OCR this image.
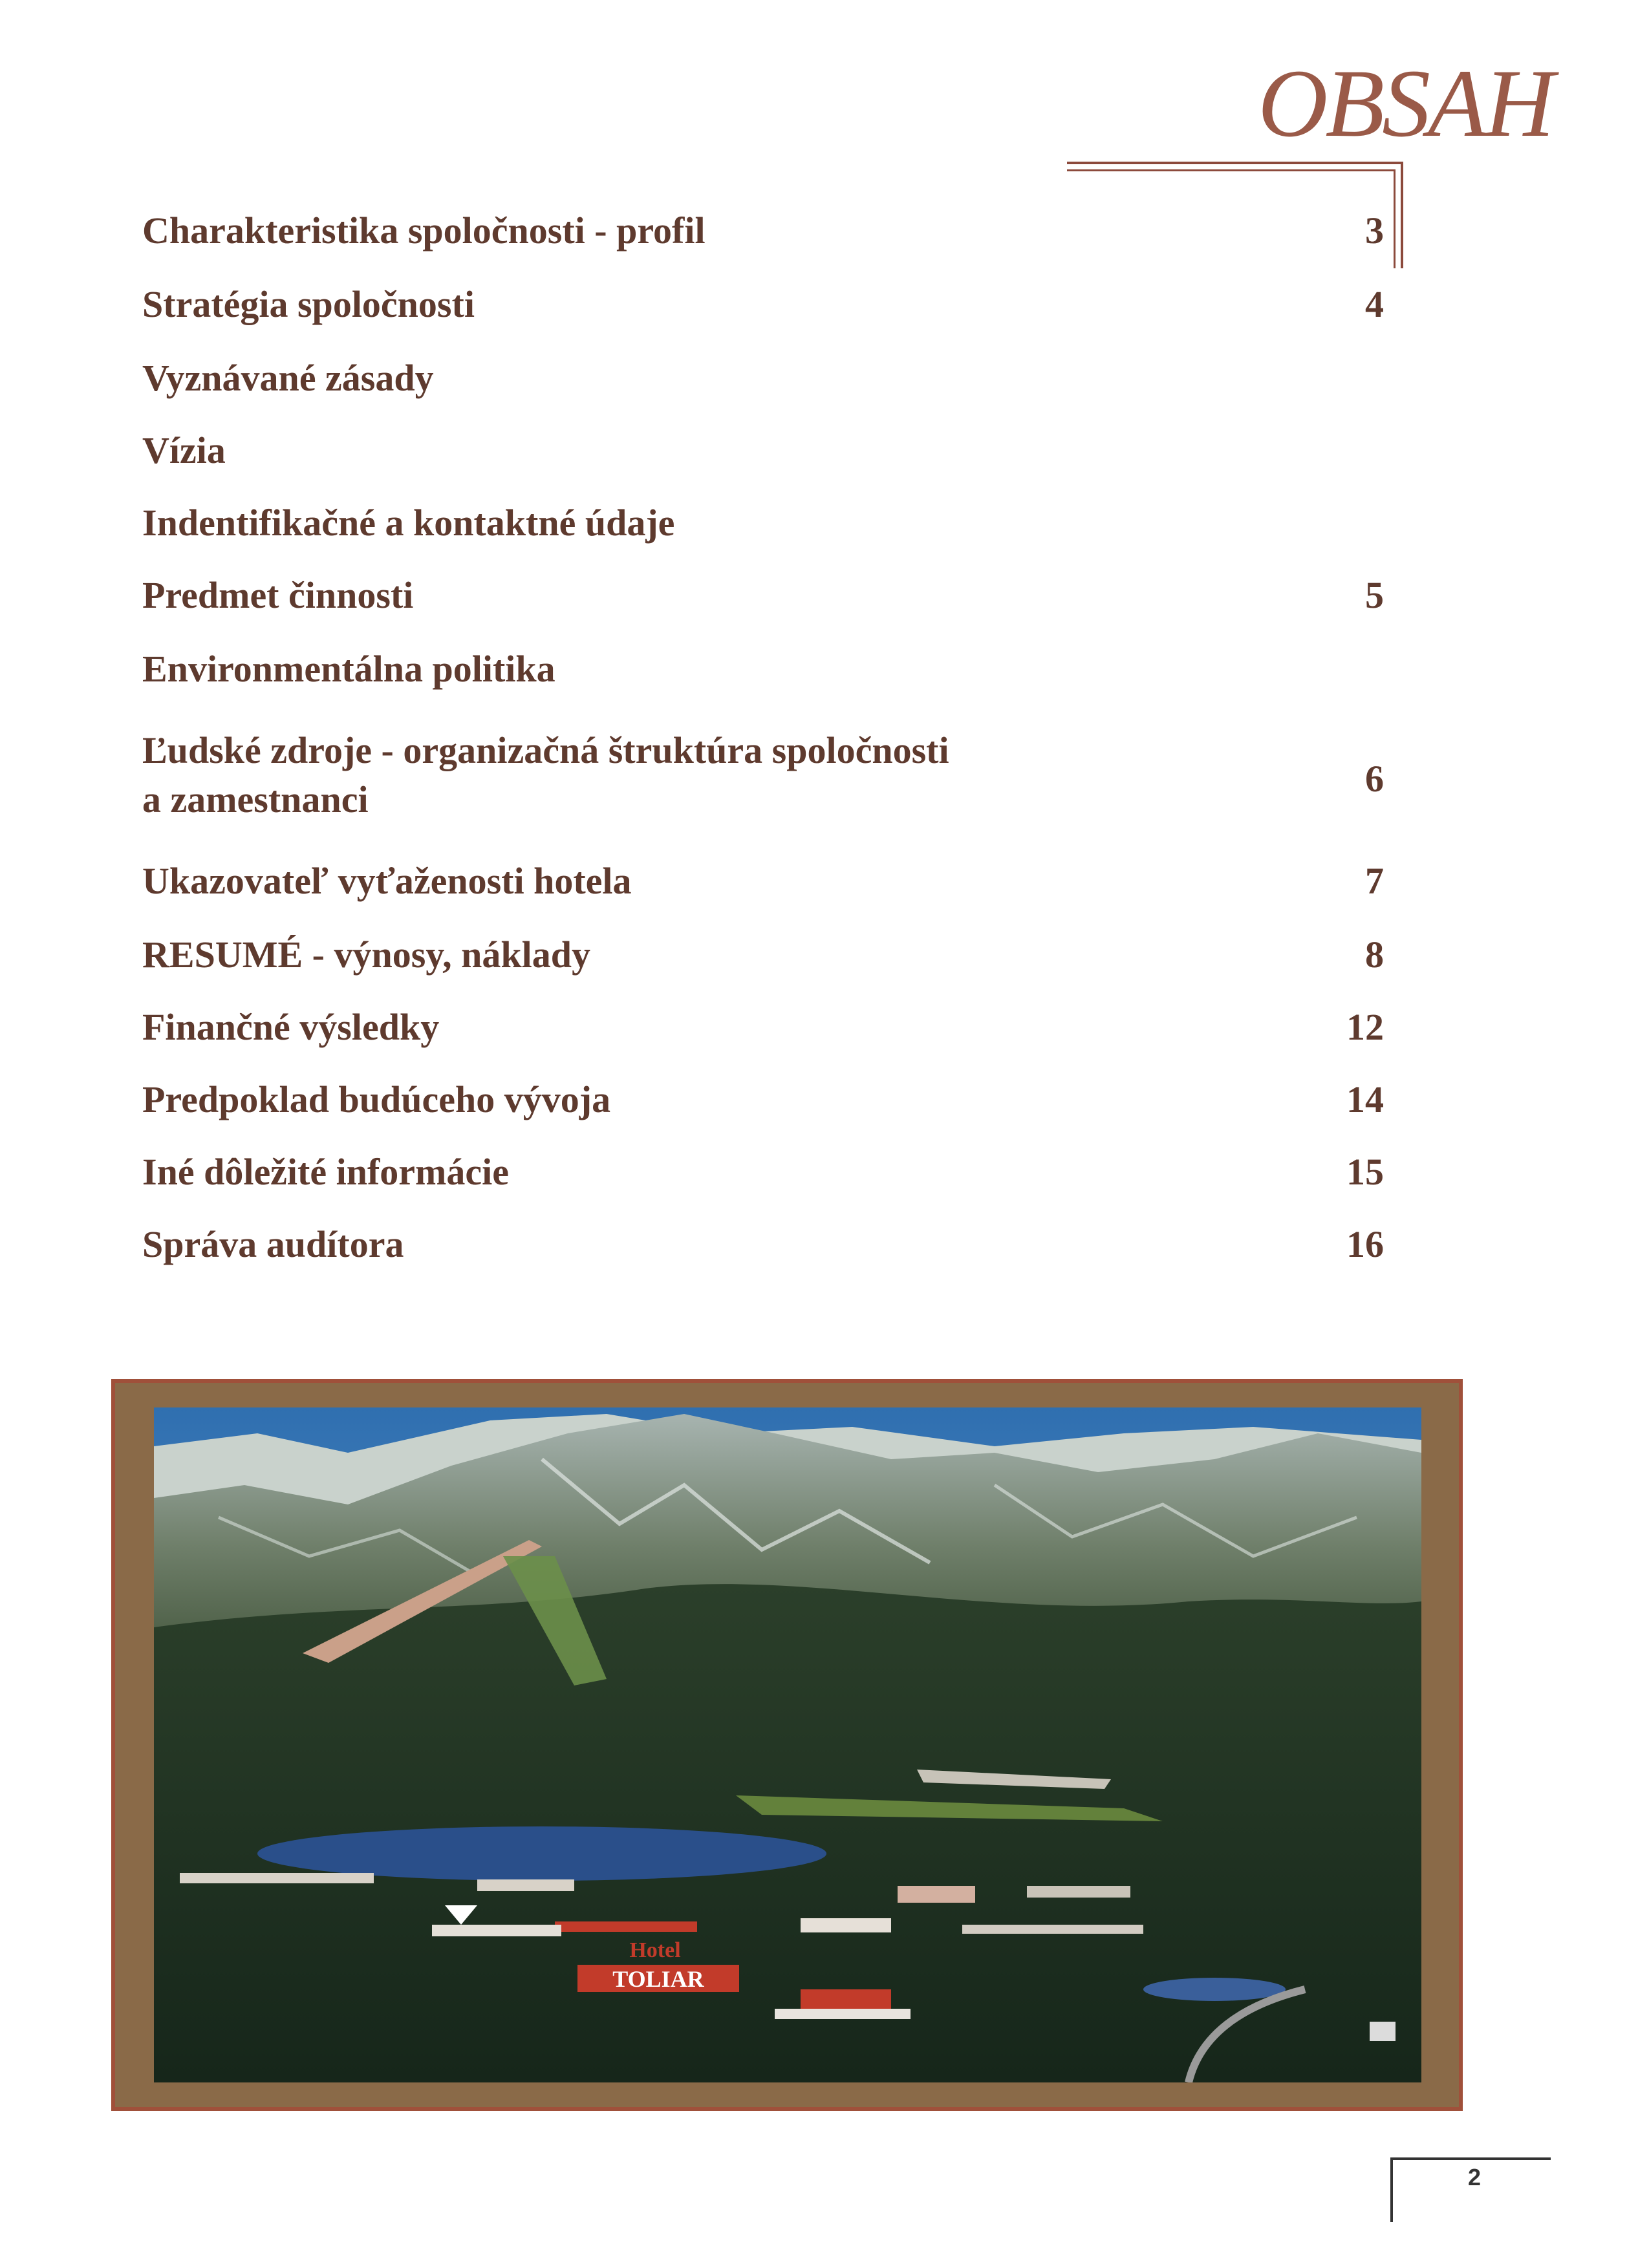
OBSAH
Charakteristika spoločnosti - profil	3
Stratégia spoločnosti	4
Vyznávané zásady
Vízia
Indentifikačné a kontaktné údaje
Predmet činnosti	5
Environmentálna politika
Ľudské zdroje - organizačná štruktúra spoločnosti
a zamestnanci	6
Ukazovateľ vyťaženosti hotela	7
RESUMÉ - výnosy, náklady	8
Finančné výsledky	12
Predpoklad budúceho vývoja	14
Iné dôležité informácie	15
Správa audítora	16
Hotel
TOLIAR
2
